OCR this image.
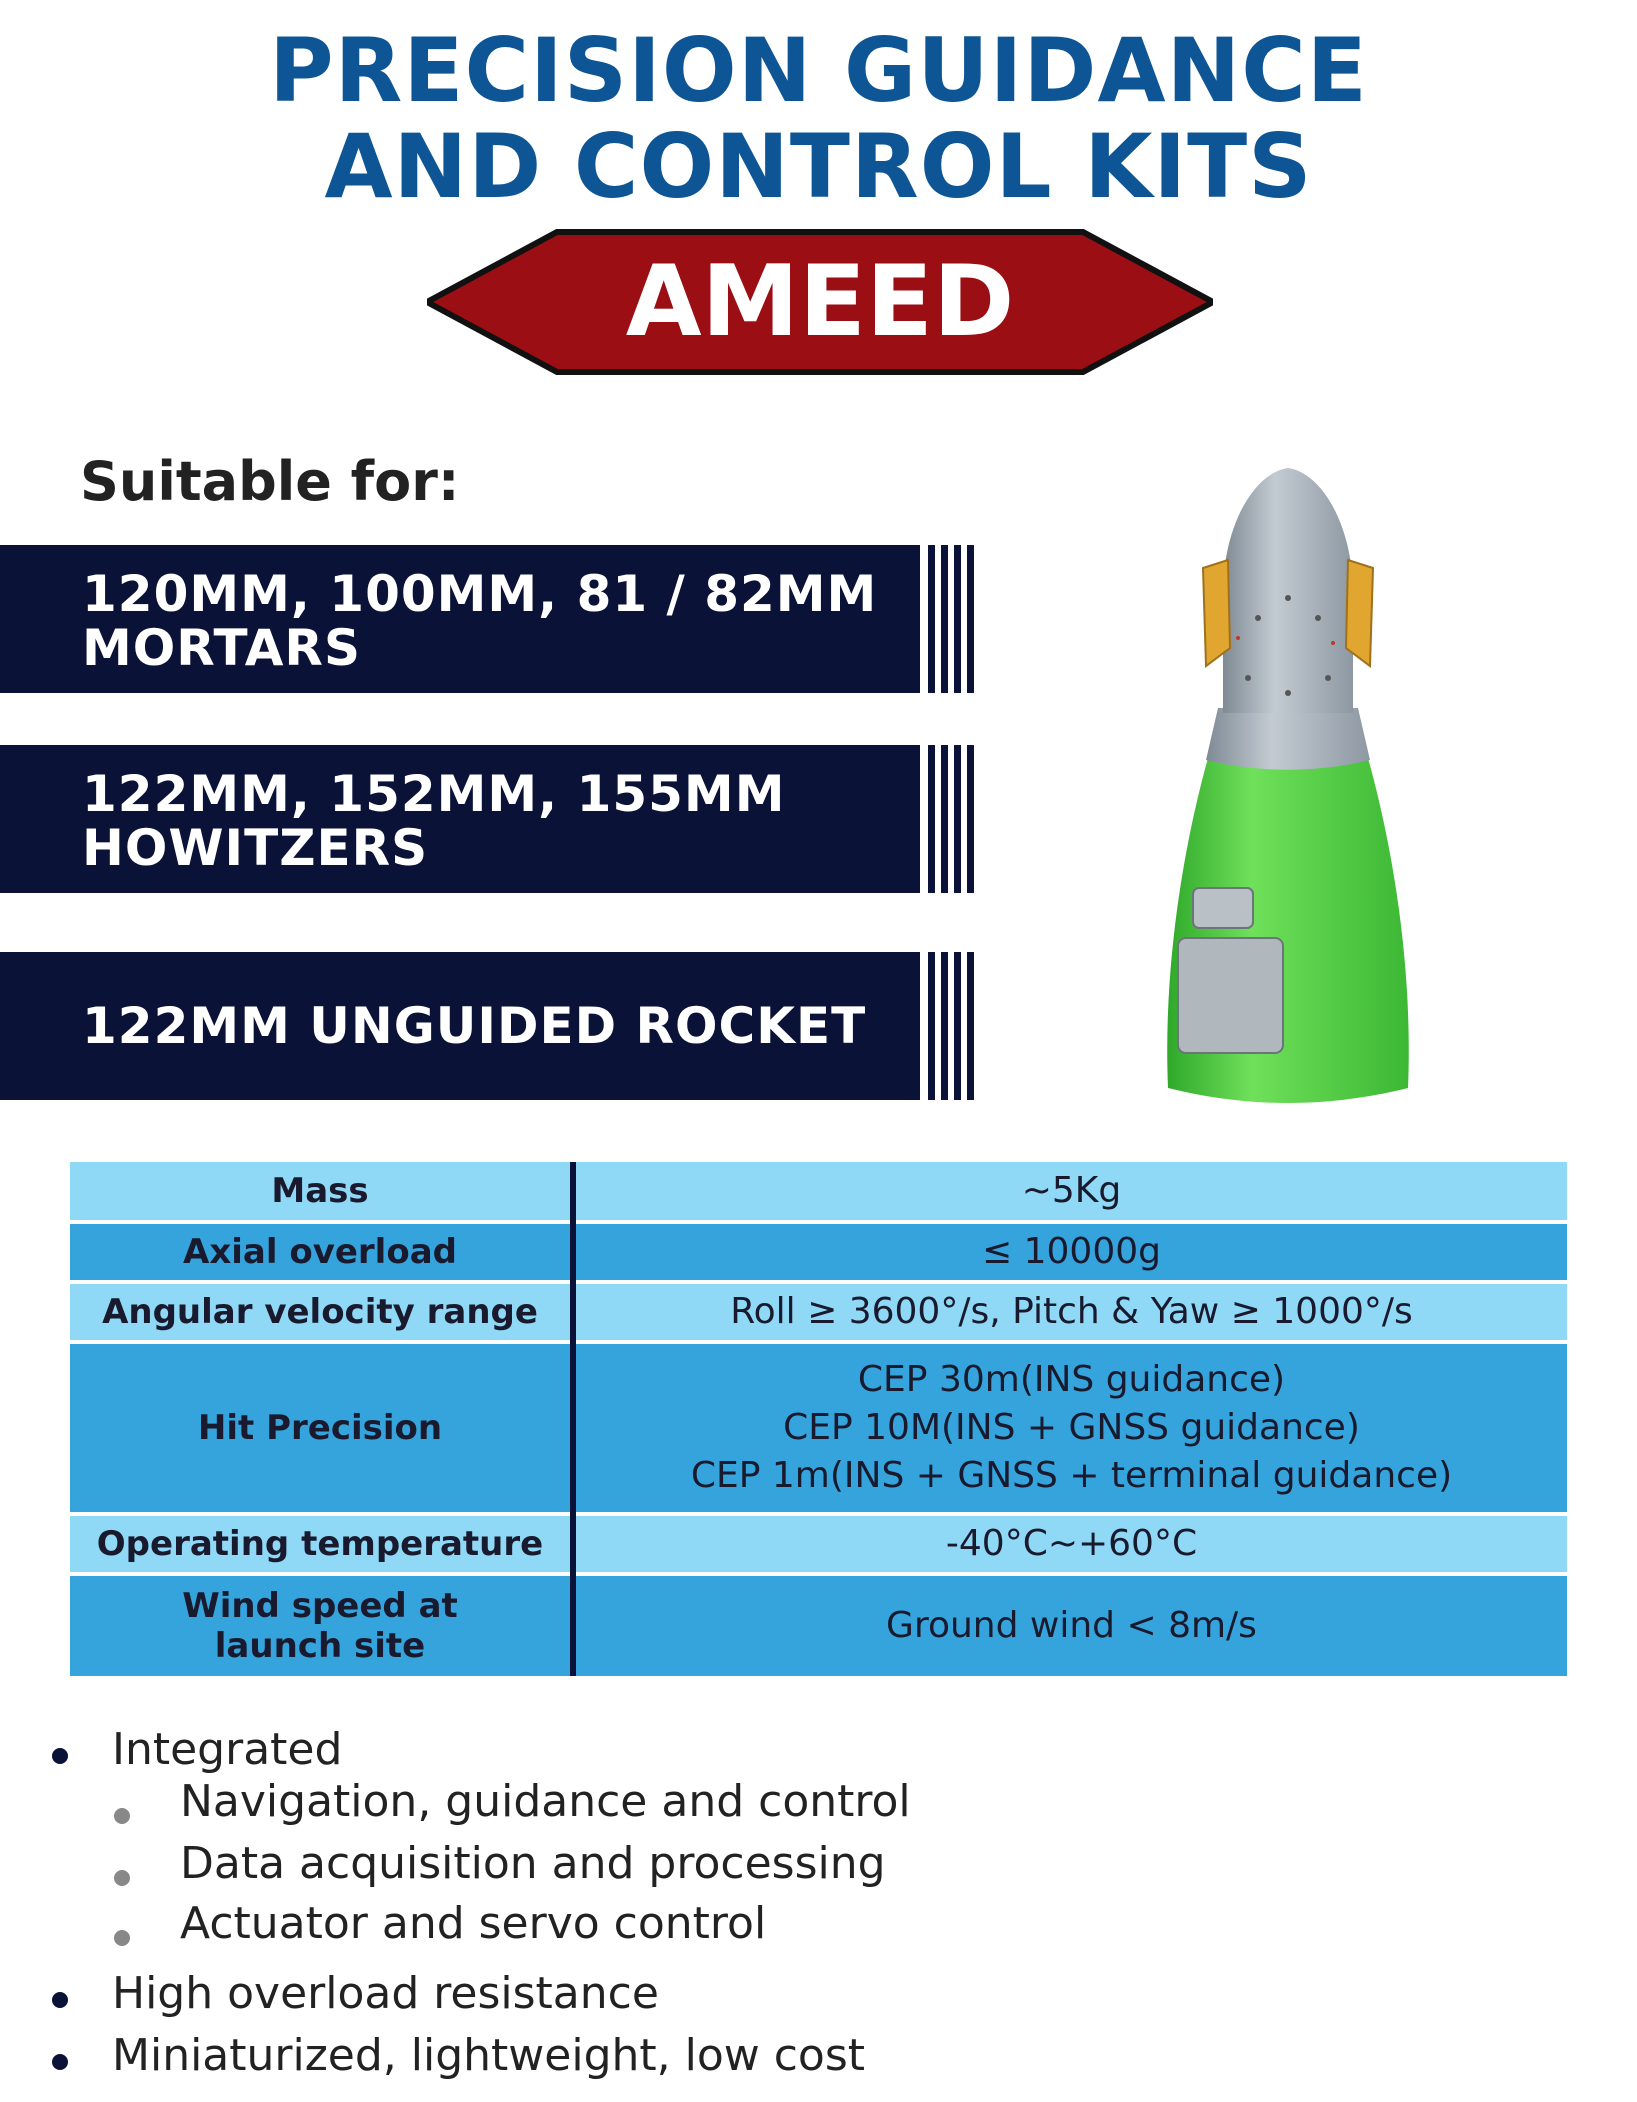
PRECISION GUIDANCE
AND CONTROL KITS
AMEED
Suitable for:
120MM, 100MM, 81 / 82MM
MORTARS
122MM, 152MM, 155MM
HOWITZERS
122MM UNGUIDED ROCKET
Mass	~5Kg
Axial overload	≤ 10000g
Angular velocity range	Roll ≥ 3600°/s, Pitch & Yaw ≥ 1000°/s
Hit Precision	CEP 30m(INS guidance)
CEP 10M(INS + GNSS guidance)
CEP 1m(INS + GNSS + terminal guidance)

Operating temperature	-40°C~+60°C

Wind speed at
launch site	Ground wind < 8m/s
Integrated
Navigation, guidance and control
Data acquisition and processing
Actuator and servo control
High overload resistance
Miniaturized, lightweight, low cost
